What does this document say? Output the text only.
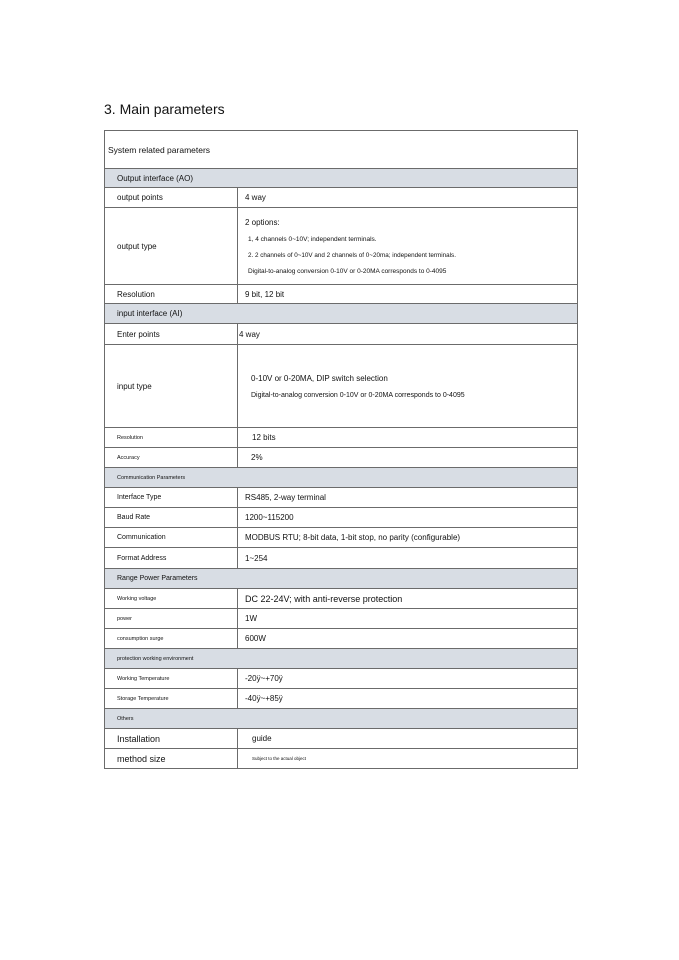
3. Main parameters
System related parameters	
Output interface (AO)	
output points	4 way
output type	2 options:
1, 4 channels 0~10V; independent terminals.
2. 2 channels of 0~10V and 2 channels of 0~20ma; independent terminals.
Digital-to-analog conversion 0-10V or 0-20MA corresponds to 0-4095

Resolution	9 bit, 12 bit
input interface (AI)	
Enter points	4 way
input type	0-10V or 0-20MA, DIP switch selection
Digital-to-analog conversion 0-10V or 0-20MA corresponds to 0-4095

Resolution	12 bits
Accuracy	2%
Communication Parameters	
Interface Type	RS485, 2-way terminal
Baud Rate	1200~115200
Communication	MODBUS RTU; 8-bit data, 1-bit stop, no parity (configurable)
Format Address	1~254
Range Power Parameters	
Working voltage	DC 22-24V; with anti-reverse protection
power	1W
consumption surge	600W
protection working environment	
Working Temperature	-20ÿ~+70ÿ
Storage Temperature	-40ÿ~+85ÿ
Others	
Installation	guide
method size	Subject to the actual object
